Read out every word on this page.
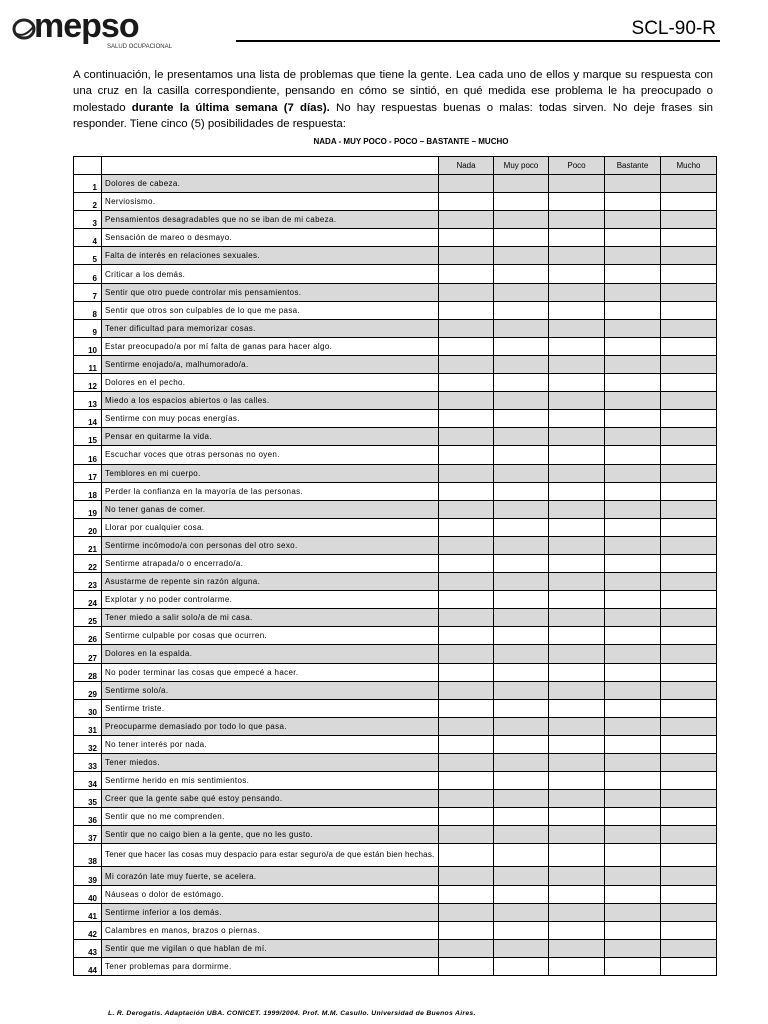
mepso
SALUD OCUPACIONAL
SCL-90-R
A continuación, le presentamos una lista de problemas que tiene la gente. Lea cada uno de ellos y marque su respuesta con una cruz en la casilla correspondiente, pensando en cómo se sintió, en qué medida ese problema le ha preocupado o molestado durante la última semana (7 días). No hay respuestas buenas o malas: todas sirven. No deje frases sin responder. Tiene cinco (5) posibilidades de respuesta:
NADA - MUY POCO - POCO – BASTANTE – MUCHO
		Nada	Muy poco	Poco	Bastante	Mucho
1	Dolores de cabeza.					
2	Nerviosismo.					
3	Pensamientos desagradables que no se iban de mi cabeza.					
4	Sensación de mareo o desmayo.					
5	Falta de interés en relaciones sexuales.					
6	Criticar a los demás.					
7	Sentir que otro puede controlar mis pensamientos.					
8	Sentir que otros son culpables de lo que me pasa.					
9	Tener dificultad para memorizar cosas.					
10	Estar preocupado/a por mí falta de ganas para hacer algo.					
11	Sentirme enojado/a, malhumorado/a.					
12	Dolores en el pecho.					
13	Miedo a los espacios abiertos o las calles.					
14	Sentirme con muy pocas energías.					
15	Pensar en quitarme la vida.					
16	Escuchar voces que otras personas no oyen.					
17	Temblores en mi cuerpo.					
18	Perder la confianza en la mayoría de las personas.					
19	No tener ganas de comer.					
20	Llorar por cualquier cosa.					
21	Sentirme incómodo/a con personas del otro sexo.					
22	Sentirme atrapada/o o encerrado/a.					
23	Asustarme de repente sin razón alguna.					
24	Explotar y no poder controlarme.					
25	Tener miedo a salir solo/a de mi casa.					
26	Sentirme culpable por cosas que ocurren.					
27	Dolores en la espalda.					
28	No poder terminar las cosas que empecé a hacer.					
29	Sentirme solo/a.					
30	Sentirme triste.					
31	Preocuparme demasiado por todo lo que pasa.					
32	No tener interés por nada.					
33	Tener miedos.					
34	Sentirme herido en mis sentimientos.					
35	Creer que la gente sabe qué estoy pensando.					
36	Sentir que no me comprenden.					
37	Sentir que no caigo bien a la gente, que no les gusto.					
38	Tener que hacer las cosas muy despacio para estar seguro/a de que están bien hechas.					
39	Mi corazón late muy fuerte, se acelera.					
40	Náuseas o dolor de estómago.					
41	Sentirme inferior a los demás.					
42	Calambres en manos, brazos o piernas.					
43	Sentir que me vigilan o que hablan de mí.					
44	Tener problemas para dormirme.					
L. R. Derogatis. Adaptación UBA. CONICET. 1999/2004. Prof. M.M. Casullo. Universidad de Buenos Aires.
